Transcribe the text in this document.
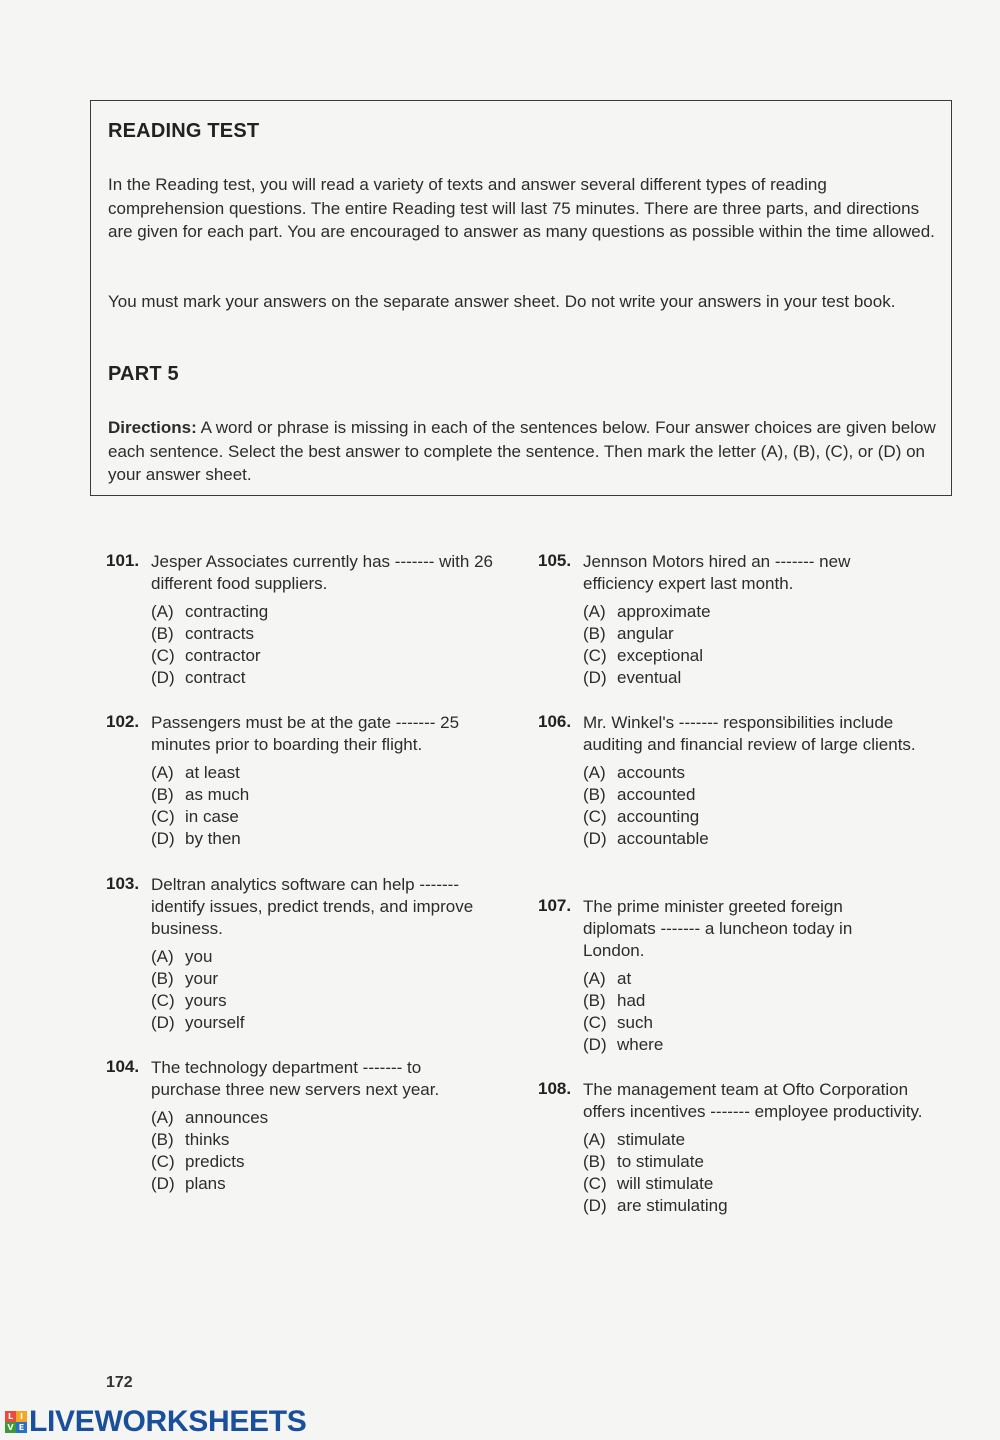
READING TEST

In the Reading test, you will read a variety of texts and answer several different types of reading comprehension questions. The entire Reading test will last 75 minutes. There are three parts, and directions are given for each part. You are encouraged to answer as many questions as possible within the time allowed.

You must mark your answers on the separate answer sheet. Do not write your answers in your test book.

PART 5

Directions: A word or phrase is missing in each of the sentences below. Four answer choices are given below each sentence. Select the best answer to complete the sentence. Then mark the letter (A), (B), (C), or (D) on your answer sheet.

101. Jesper Associates currently has ------- with 26 different food suppliers.
(A) contracting
(B) contracts
(C) contractor
(D) contract
102. Passengers must be at the gate ------- 25 minutes prior to boarding their flight.
(A) at least
(B) as much
(C) in case
(D) by then
103. Deltran analytics software can help ------- identify issues, predict trends, and improve business.
(A) you
(B) your
(C) yours
(D) yourself
104. The technology department ------- to purchase three new servers next year.
(A) announces
(B) thinks
(C) predicts
(D) plans
105. Jennson Motors hired an ------- new efficiency expert last month.
(A) approximate
(B) angular
(C) exceptional
(D) eventual
106. Mr. Winkel's ------- responsibilities include auditing and financial review of large clients.
(A) accounts
(B) accounted
(C) accounting
(D) accountable
107. The prime minister greeted foreign diplomats ------- a luncheon today in London.
(A) at
(B) had
(C) such
(D) where
108. The management team at Ofto Corporation offers incentives ------- employee productivity.
(A) stimulate
(B) to stimulate
(C) will stimulate
(D) are stimulating
172
L I
V E LIVEWORKSHEETS
